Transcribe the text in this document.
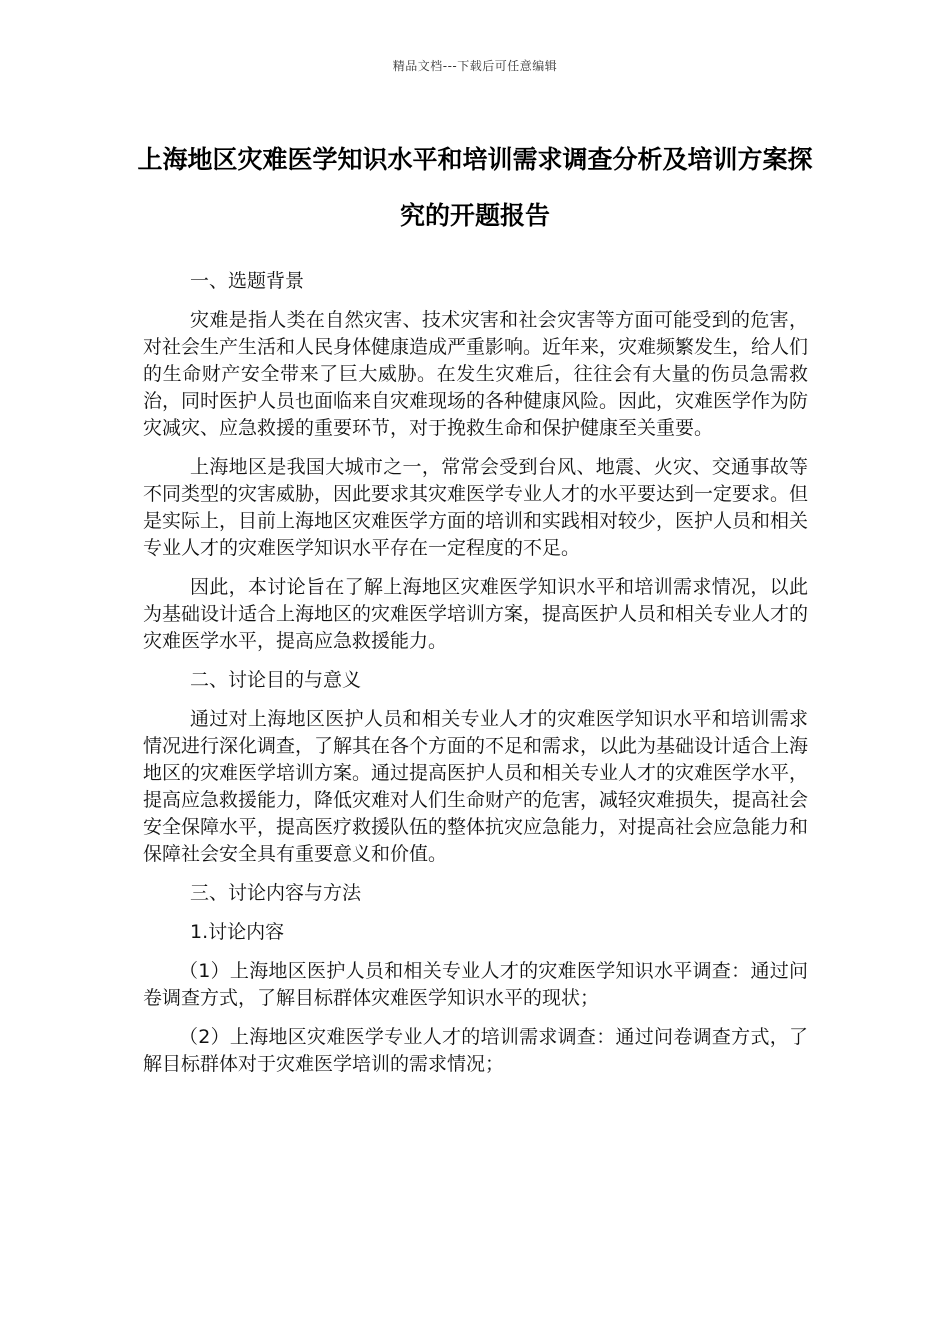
精品文档---下载后可任意编辑
上海地区灾难医学知识水平和培训需求调查分析及培训方案探究的开题报告

一、选题背景

灾难是指人类在自然灾害、技术灾害和社会灾害等方面可能受到的危害，对社会生产生活和人民身体健康造成严重影响。近年来，灾难频繁发生，给人们的生命财产安全带来了巨大威胁。在发生灾难后，往往会有大量的伤员急需救治，同时医护人员也面临来自灾难现场的各种健康风险。因此，灾难医学作为防灾减灾、应急救援的重要环节，对于挽救生命和保护健康至关重要。

上海地区是我国大城市之一，常常会受到台风、地震、火灾、交通事故等不同类型的灾害威胁，因此要求其灾难医学专业人才的水平要达到一定要求。但是实际上，目前上海地区灾难医学方面的培训和实践相对较少，医护人员和相关专业人才的灾难医学知识水平存在一定程度的不足。

因此，本讨论旨在了解上海地区灾难医学知识水平和培训需求情况，以此为基础设计适合上海地区的灾难医学培训方案，提高医护人员和相关专业人才的灾难医学水平，提高应急救援能力。

二、讨论目的与意义

通过对上海地区医护人员和相关专业人才的灾难医学知识水平和培训需求情况进行深化调查，了解其在各个方面的不足和需求，以此为基础设计适合上海地区的灾难医学培训方案。通过提高医护人员和相关专业人才的灾难医学水平，提高应急救援能力，降低灾难对人们生命财产的危害，减轻灾难损失，提高社会安全保障水平，提高医疗救援队伍的整体抗灾应急能力，对提高社会应急能力和保障社会安全具有重要意义和价值。

三、讨论内容与方法

1.讨论内容

（1）上海地区医护人员和相关专业人才的灾难医学知识水平调查：通过问卷调查方式，了解目标群体灾难医学知识水平的现状；

（2）上海地区灾难医学专业人才的培训需求调查：通过问卷调查方式，了解目标群体对于灾难医学培训的需求情况；
